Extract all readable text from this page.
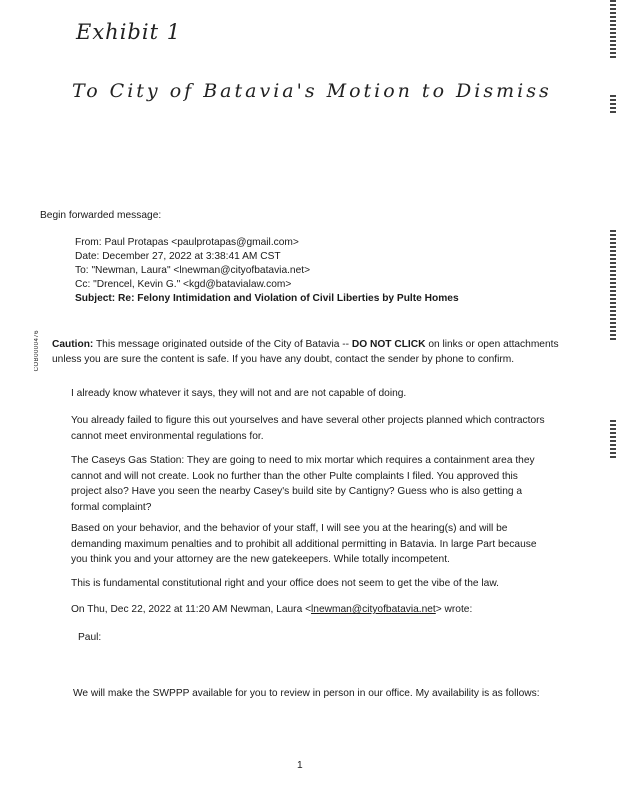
Exhibit 1
To City of Batavia's Motion to Dismiss
Begin forwarded message:
From: Paul Protapas <paulprotapas@gmail.com>
Date: December 27, 2022 at 3:38:41 AM CST
To: "Newman, Laura" <lnewman@cityofbatavia.net>
Cc: "Drencel, Kevin G." <kgd@batavialaw.com>
Subject: Re: Felony Intimidation and Violation of Civil Liberties by Pulte Homes
COB0000476 Caution: This message originated outside of the City of Batavia -- DO NOT CLICK on links or open attachments
unless you are sure the content is safe. If you have any doubt, contact the sender by phone to confirm.
I already know whatever it says, they will not and are not capable of doing.
You already failed to figure this out yourselves and have several other projects planned which contractors cannot meet environmental regulations for.
The Caseys Gas Station: They are going to need to mix mortar which requires a containment area they cannot and will not create. Look no further than the other Pulte complaints I filed. You approved this project also? Have you seen the nearby Casey's build site by Cantigny? Guess who is also getting a formal complaint?
Based on your behavior, and the behavior of your staff, I will see you at the hearing(s) and will be demanding maximum penalties and to prohibit all additional permitting in Batavia. In large Part because you think you and your attorney are the new gatekeepers. While totally incompetent.
This is fundamental constitutional right and your office does not seem to get the vibe of the law.
On Thu, Dec 22, 2022 at 11:20 AM Newman, Laura <lnewman@cityofbatavia.net> wrote:
Paul:
We will make the SWPPP available for you to review in person in our office. My availability is as follows:
1
